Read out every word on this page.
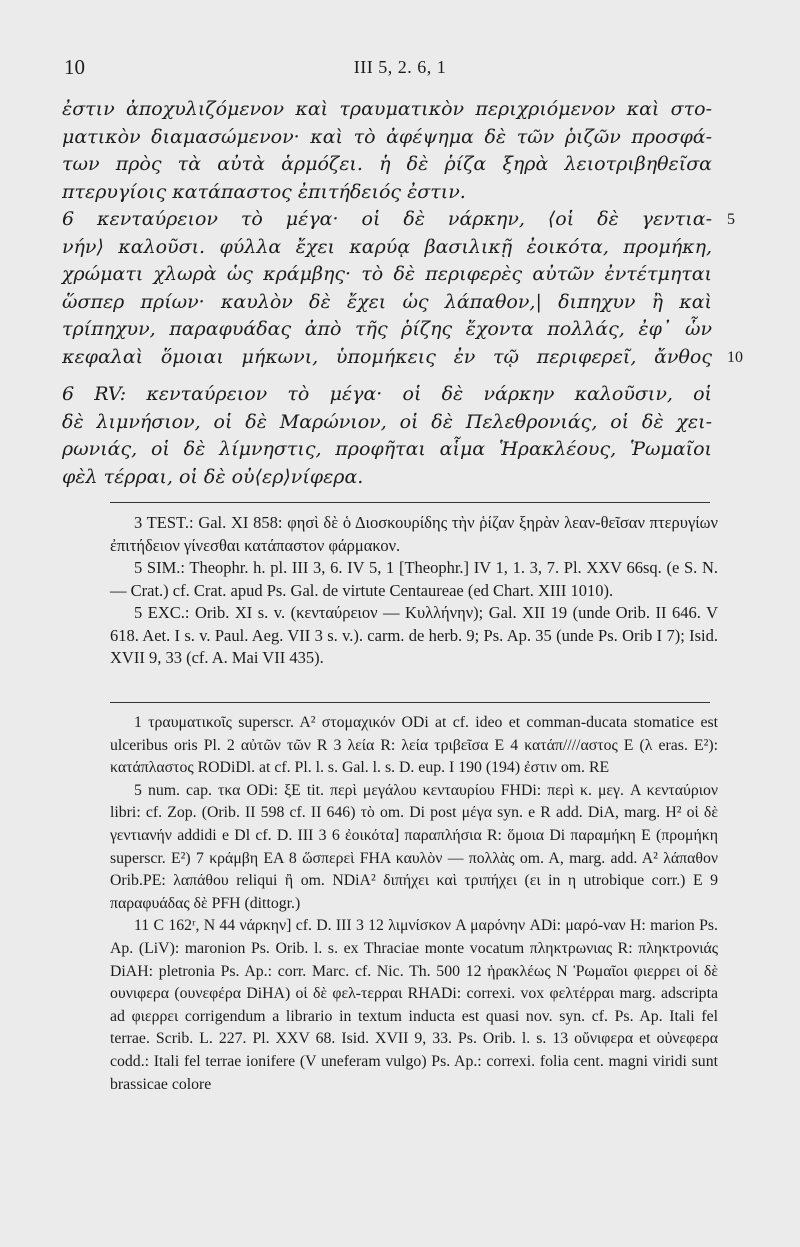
10	III 5, 2. 6, 1
ἐστιν ἀποχυλιζόμενον καὶ τραυματικὸν περιχριόμενον καὶ στο-
ματικὸν διαμασώμενον· καὶ τὸ ἀφέψημα δὲ τῶν ῥιζῶν προσφά-
των πρὸς τὰ αὐτὰ ἁρμόζει. ἡ δὲ ῥίζα ξηρὰ λειοτριβηθεῖσα
πτερυγίοις κατάπαστος ἐπιτήδειός ἐστιν.
6 κενταύρειον τὸ μέγα· οἱ δὲ νάρκην, ⟨οἱ δὲ γεντια- 5
νήν⟩ καλοῦσι. φύλλα ἔχει καρύᾳ βασιλικῇ ἐοικότα, προμήκη,
χρώματι χλωρὰ ὡς κράμβης· τὸ δὲ περιφερὲς αὐτῶν ἐντέτμηται
ὥσπερ πρίων· καυλὸν δὲ ἔχει ὡς λάπαθον,| διπηχυν ἢ καὶ
τρίπηχυν, παραφυάδας ἀπὸ τῆς ῥίζης ἔχοντα πολλάς, ἐφ᾽ ὧν
κεφαλαὶ ὅμοιαι μήκωνι, ὑπομήκεις ἐν τῷ περιφερεῖ, ἄνθος 10
6 RV: κενταύρειον τὸ μέγα· οἱ δὲ νάρκην καλοῦσιν, οἱ
δὲ λιμνήσιον, οἱ δὲ Μαρώνιον, οἱ δὲ Πελεθρονιάς, οἱ δὲ χει-
ρωνιάς, οἱ δὲ λίμνηστις, προφῆται αἷμα Ἡρακλέους, Ῥωμαῖοι
φὲλ τέρραι, οἱ δὲ οὐ⟨ερ⟩νίφερα.

3 TEST.: Gal. XI 858: φησὶ δὲ ὁ Διοσκουρίδης τὴν ῥίζαν ξηρὰν λεαν-θεῖσαν πτερυγίων ἐπιτήδειον γίνεσθαι κατάπαστον φάρμακον.

5 SIM.: Theophr. h. pl. III 3, 6. IV 5, 1 [Theophr.] IV 1, 1. 3, 7. Pl. XXV 66sq. (e S. N. — Crat.) cf. Crat. apud Ps. Gal. de virtute Centaureae (ed Chart. XIII 1010).

5 EXC.: Orib. XI s. v. (κενταύρειον — Κυλλήνην); Gal. XII 19 (unde Orib. II 646. V 618. Aet. I s. v. Paul. Aeg. VII 3 s. v.). carm. de herb. 9; Ps. Ap. 35 (unde Ps. Orib I 7); Isid. XVII 9, 33 (cf. A. Mai VII 435).

1 τραυματικοῖς superscr. A² στομαχικόν ODi at cf. ideo et comman-ducata stomatice est ulceribus oris Pl. 2 αὐτῶν τῶν R 3 λεία R: λεία τριβεῖσα E 4 κατάπ////αστος E (λ eras. E²): κατάπλαστος RODiDl. at cf. Pl. l. s. Gal. l. s. D. eup. I 190 (194) ἐστιν om. RE

5 num. cap. τκα ODi: ξE tit. περὶ μεγάλου κενταυρίου FHDi: περὶ κ. μεγ. A κενταύριον libri: cf. Zop. (Orib. II 598 cf. II 646) τὸ om. Di post μέγα syn. e R add. DiA, marg. H² οἱ δὲ γεντιανήν addidi e Dl cf. D. III 3 6 ἐοικότα] παραπλήσια R: ὅμοια Di παραμήκη E (προμήκη superscr. E²) 7 κράμβη EA 8 ὥσπερεὶ FHA καυλὸν — πολλὰς om. A, marg. add. A² λάπαθον Orib.PE: λαπάθου reliqui ἢ om. NDiA² διπήχει καὶ τριπήχει (ει in η utrobique corr.) E 9 παραφυάδας δὲ PFH (dittogr.)

11 C 162ʳ, N 44 νάρκην] cf. D. III 3 12 λιμνίσκον A μαρόνην ADi: μαρό-ναν H: marion Ps. Ap. (LiV): maronion Ps. Orib. l. s. ex Thraciae monte vocatum πληκτρωνιας R: πληκτρονιάς DiAH: pletronia Ps. Ap.: corr. Marc. cf. Nic. Th. 500 12 ἡρακλέως N Ῥωμαῖοι φιερρει οἱ δὲ ουνιφερα (ουνεφέρα DiHA) οἱ δὲ φελ-τερραι RHADi: correxi. vox φελτέρραι marg. adscripta ad φιερρει corrigendum a librario in textum inducta est quasi nov. syn. cf. Ps. Ap. Itali fel terrae. Scrib. L. 227. Pl. XXV 68. Isid. XVII 9, 33. Ps. Orib. l. s. 13 οὔνιφερα et οὐνεφερα codd.: Itali fel terrae ionifere (V uneferam vulgo) Ps. Ap.: correxi. folia cent. magni viridi sunt brassicae colore
